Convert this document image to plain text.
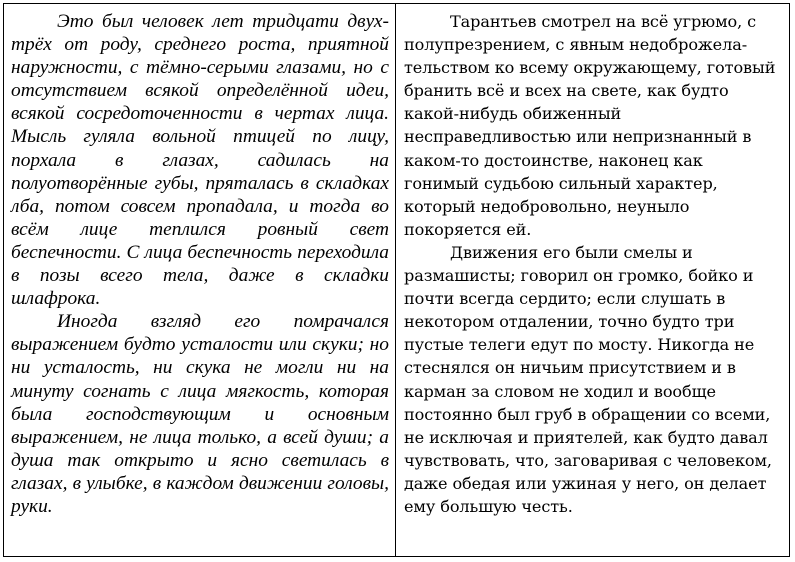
Это был человек лет тридцати двух-трёх от роду, среднего роста, приятной наружности, с тёмно-серыми глазами, но с отсутствием всякой определённой идеи, всякой сосредоточенности в чертах лица. Мысль гуляла вольной птицей по лицу, порхала в глазах, садилась на полуотворённые губы, пряталась в складках лба, потом совсем пропадала, и тогда во всём лице теплился ровный свет беспечности. С лица беспечность переходила в позы всего тела, даже в складки шлафрока.

Иногда взгляд его помрачался выражением будто усталости или скуки; но ни усталость, ни скука не могли ни на минуту согнать с лица мягкость, которая была господствующим и основным выражением, не лица только, а всей души; а душа так открыто и ясно светилась в глазах, в улыбке, в каждом движении головы, руки.

Тарантьев смотрел на всё угрюмо, с полупрезрением, с явным недоброжелательством ко всему окружающему, готовый бранить всё и всех на свете, как будто какой-нибудь обиженный несправедливостью или непризнанный в каком-то достоинстве, наконец как гонимый судьбою сильный характер, который недобровольно, неуныло покоряется ей.

Движения его были смелы и размашисты; говорил он громко, бойко и почти всегда сердито; если слушать в некотором отдалении, точно будто три пустые телеги едут по мосту. Никогда не стеснялся он ничьим присутствием и в карман за словом не ходил и вообще постоянно был груб в обращении со всеми, не исключая и приятелей, как будто давал чувствовать, что, заговаривая с человеком, даже обедая или ужиная у него, он делает ему большую честь.
